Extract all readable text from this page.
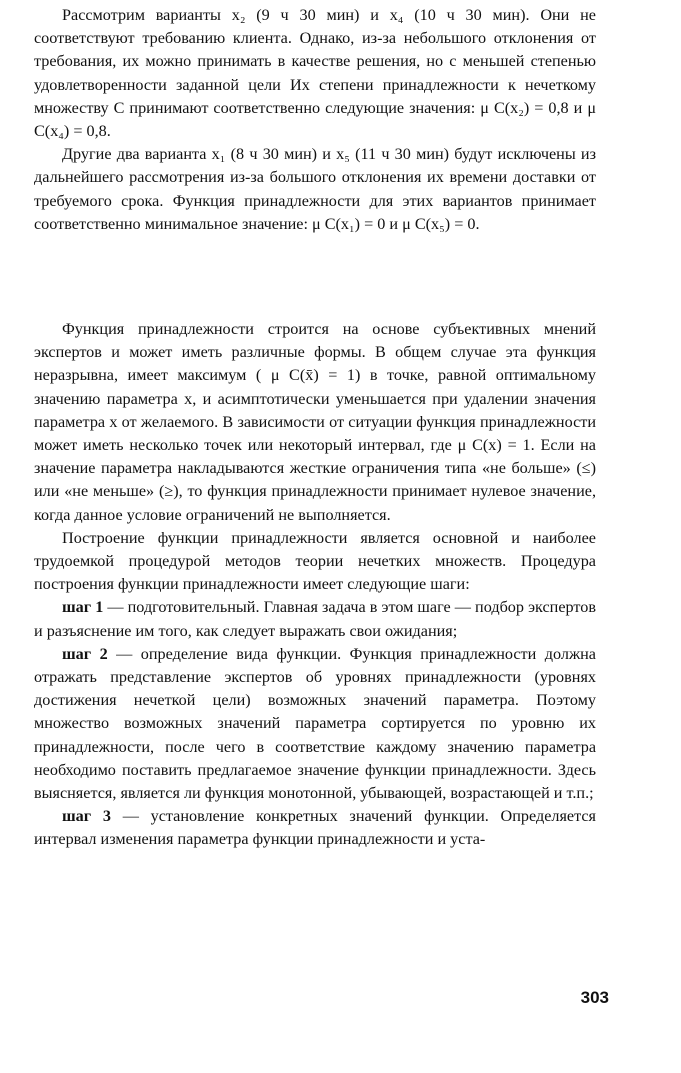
Рассмотрим варианты x₂ (9 ч 30 мин) и x₄ (10 ч 30 мин). Они не соответствуют требованию клиента. Однако, из-за небольшого отклонения от требования, их можно принимать в качестве решения, но с меньшей степенью удовлетворенности заданной цели Их степени принадлежности к нечеткому множеству C принимают соответственно следующие значения: μ C(x₂) = 0,8 и μ C(x₄) = 0,8.

Другие два варианта x₁ (8 ч 30 мин) и x₅ (11 ч 30 мин) будут исключены из дальнейшего рассмотрения из-за большого отклонения их времени доставки от требуемого срока. Функция принадлежности для этих вариантов принимает соответственно минимальное значение: μ C(x₁) = 0 и μ C(x₅) = 0.

Функция принадлежности строится на основе субъективных мнений экспертов и может иметь различные формы. В общем случае эта функция неразрывна, имеет максимум ( μ C(x̄) = 1) в точке, равной оптимальному значению параметра x, и асимптотически уменьшается при удалении значения параметра x от желаемого. В зависимости от ситуации функция принадлежности может иметь несколько точек или некоторый интервал, где μ C(x) = 1. Если на значение параметра накладываются жесткие ограничения типа «не больше» (≤) или «не меньше» (≥), то функция принадлежности принимает нулевое значение, когда данное условие ограничений не выполняется.

Построение функции принадлежности является основной и наиболее трудоемкой процедурой методов теории нечетких множеств. Процедура построения функции принадлежности имеет следующие шаги:

шаг 1 — подготовительный. Главная задача в этом шаге — подбор экспертов и разъяснение им того, как следует выражать свои ожидания;

шаг 2 — определение вида функции. Функция принадлежности должна отражать представление экспертов об уровнях принадлежности (уровнях достижения нечеткой цели) возможных значений параметра. Поэтому множество возможных значений параметра сортируется по уровню их принадлежности, после чего в соответствие каждому значению параметра необходимо поставить предлагаемое значение функции принадлежности. Здесь выясняется, является ли функция монотонной, убывающей, возрастающей и т.п.;

шаг 3 — установление конкретных значений функции. Определяется интервал изменения параметра функции принадлежности и уста-

303
